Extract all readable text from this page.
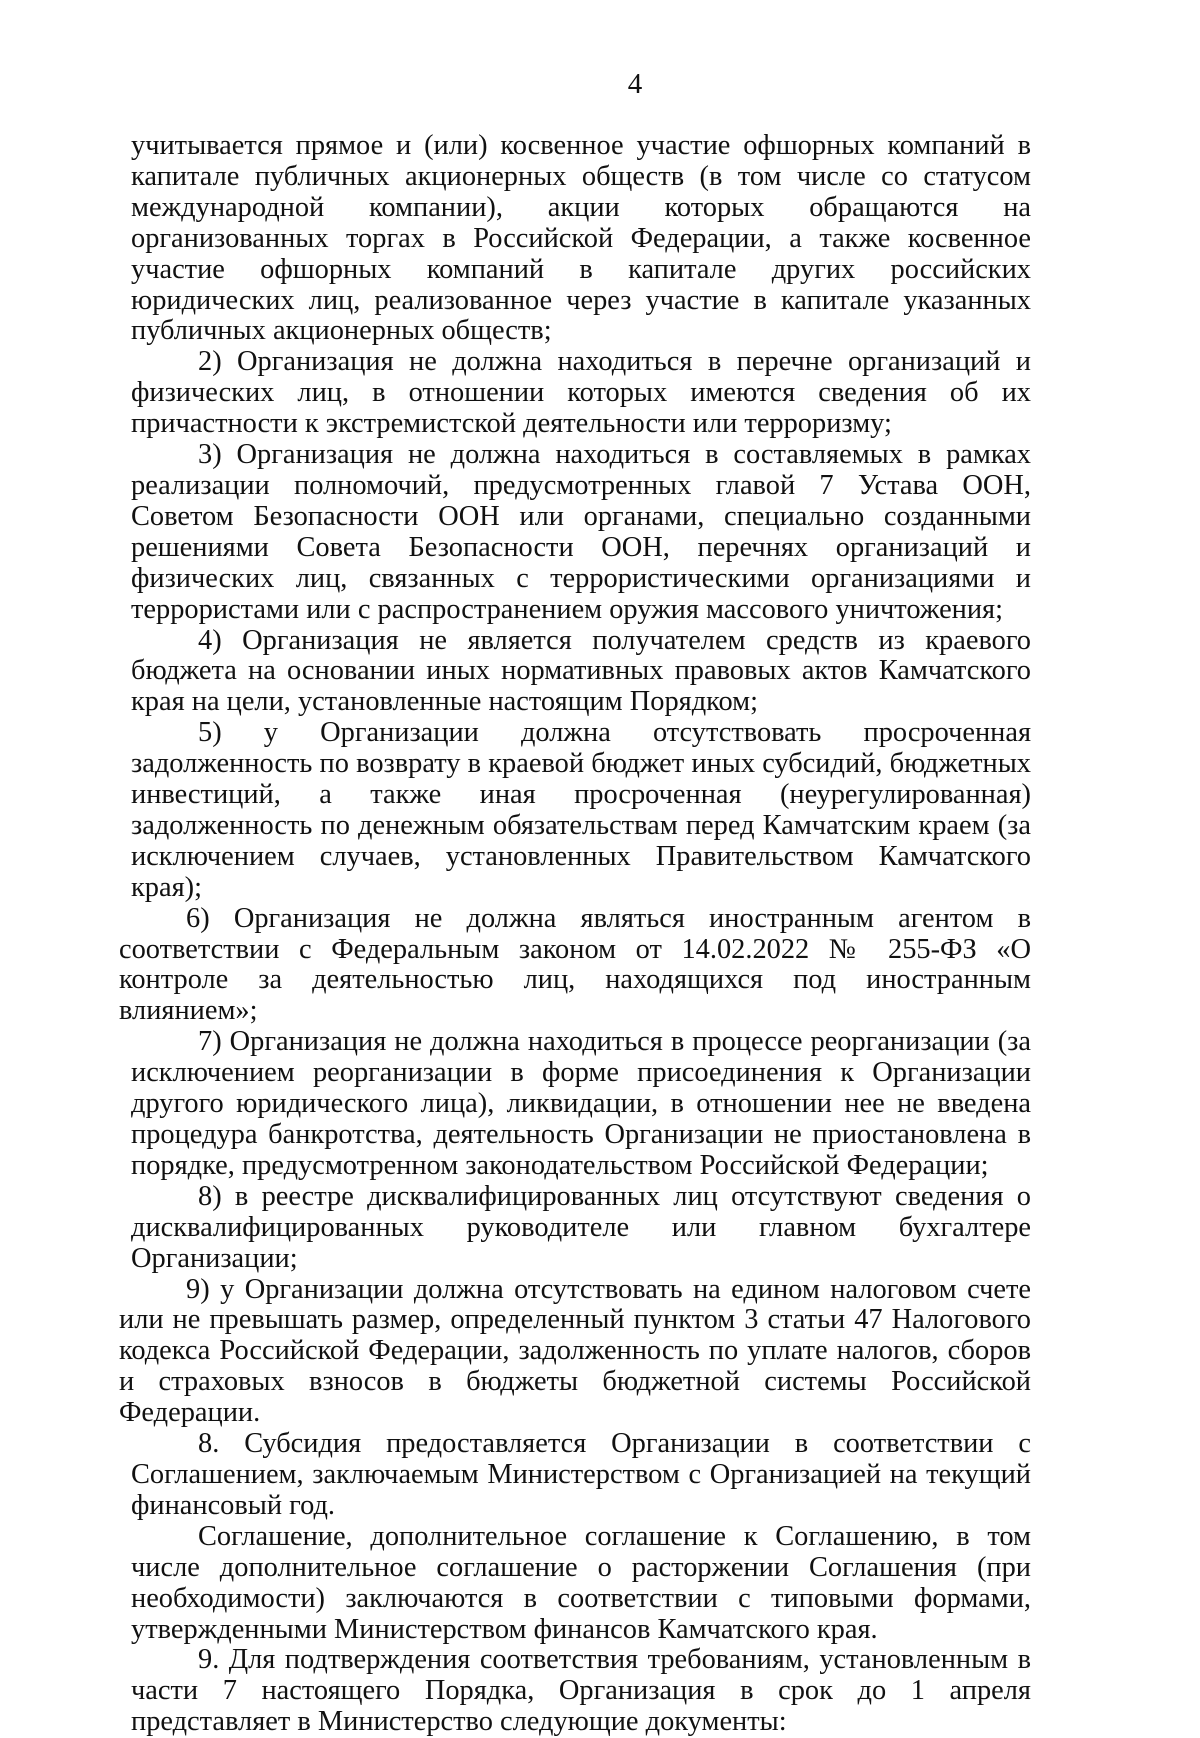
4

учитывается прямое и (или) косвенное участие офшорных компаний в капитале публичных акционерных обществ (в том числе со статусом международной компании), акции которых обращаются на организованных торгах в Российской Федерации, а также косвенное участие офшорных компаний в капитале других российских юридических лиц, реализованное через участие в капитале указанных публичных акционерных обществ;

2) Организация не должна находиться в перечне организаций и физических лиц, в отношении которых имеются сведения об их причастности к экстремистской деятельности или терроризму;

3) Организация не должна находиться в составляемых в рамках реализации полномочий, предусмотренных главой 7 Устава ООН, Советом Безопасности ООН или органами, специально созданными решениями Совета Безопасности ООН, перечнях организаций и физических лиц, связанных с террористическими организациями и террористами или с распространением оружия массового уничтожения;

4) Организация не является получателем средств из краевого бюджета на основании иных нормативных правовых актов Камчатского края на цели, установленные настоящим Порядком;

5) у Организации должна отсутствовать просроченная задолженность по возврату в краевой бюджет иных субсидий, бюджетных инвестиций, а также иная просроченная (неурегулированная) задолженность по денежным обязательствам перед Камчатским краем (за исключением случаев, установленных Правительством Камчатского края);

6) Организация не должна являться иностранным агентом в соответствии с Федеральным законом от 14.02.2022 № 255-ФЗ «О контроле за деятельностью лиц, находящихся под иностранным влиянием»;

7) Организация не должна находиться в процессе реорганизации (за исключением реорганизации в форме присоединения к Организации другого юридического лица), ликвидации, в отношении нее не введена процедура банкротства, деятельность Организации не приостановлена в порядке, предусмотренном законодательством Российской Федерации;

8) в реестре дисквалифицированных лиц отсутствуют сведения о дисквалифицированных руководителе или главном бухгалтере Организации;

9) у Организации должна отсутствовать на едином налоговом счете или не превышать размер, определенный пунктом 3 статьи 47 Налогового кодекса Российской Федерации, задолженность по уплате налогов, сборов и страховых взносов в бюджеты бюджетной системы Российской Федерации.

8. Субсидия предоставляется Организации в соответствии с Соглашением, заключаемым Министерством с Организацией на текущий финансовый год.

Соглашение, дополнительное соглашение к Соглашению, в том числе дополнительное соглашение о расторжении Соглашения (при необходимости) заключаются в соответствии с типовыми формами, утвержденными Министерством финансов Камчатского края.

9. Для подтверждения соответствия требованиям, установленным в части 7 настоящего Порядка, Организация в срок до 1 апреля представляет в Министерство следующие документы:
